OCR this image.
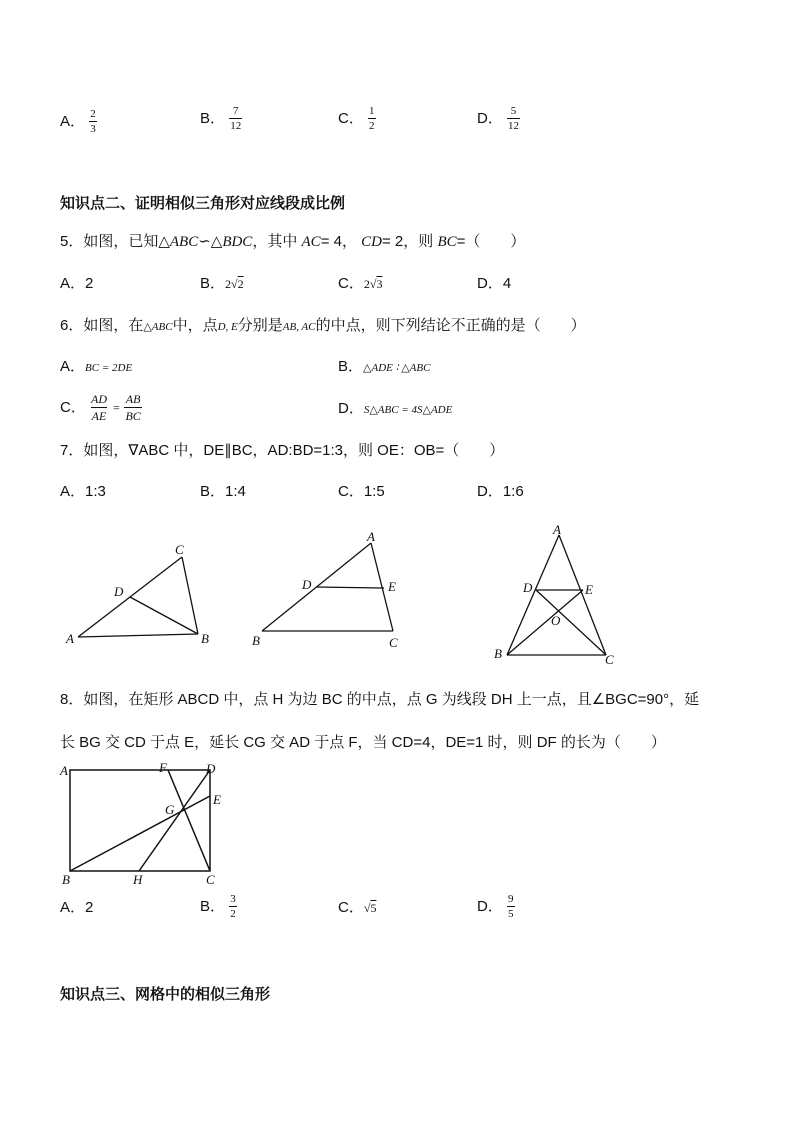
A． $\frac{2}{3}$	B． $\frac{7}{12}$	C． $\frac{1}{2}$	D． $\frac{5}{12}$
知识点二、证明相似三角形对应线段成比例
5．如图，已知△ABC∽△BDC，其中 AC= 4， CD= 2，则 BC=（　　）
A．2	B．2√2	C．2√3	D．4
6．如图，在△ABC中，点D, E分别是AB, AC的中点，则下列结论不正确的是（　　）
A．BC = 2DE	B．△ADE ∶ △ABC
C． $\frac{AD}{AE} = \frac{AB}{BC}$	D．S△ABC = 4S△ADE
7．如图，∇ABC 中，DE∥BC，AD:BD=1:3，则 OE：OB=（　　）
A．1:3	B．1:4	C．1:5	D．1:6
A	B
C
D
A
B	C
D	E
A
B	C
D	E
O
8．如图，在矩形 ABCD 中，点 H 为边 BC 的中点，点 G 为线段 DH 上一点，且∠BGC=90°，延
长 BG 交 CD 于点 E，延长 CG 交 AD 于点 F，当 CD=4，DE=1 时，则 DF 的长为（　　）
A
B	C
D
E
F
G
H
A．2	B． $\frac{3}{2}$	C．√5	D． $\frac{9}{5}$
知识点三、网格中的相似三角形
